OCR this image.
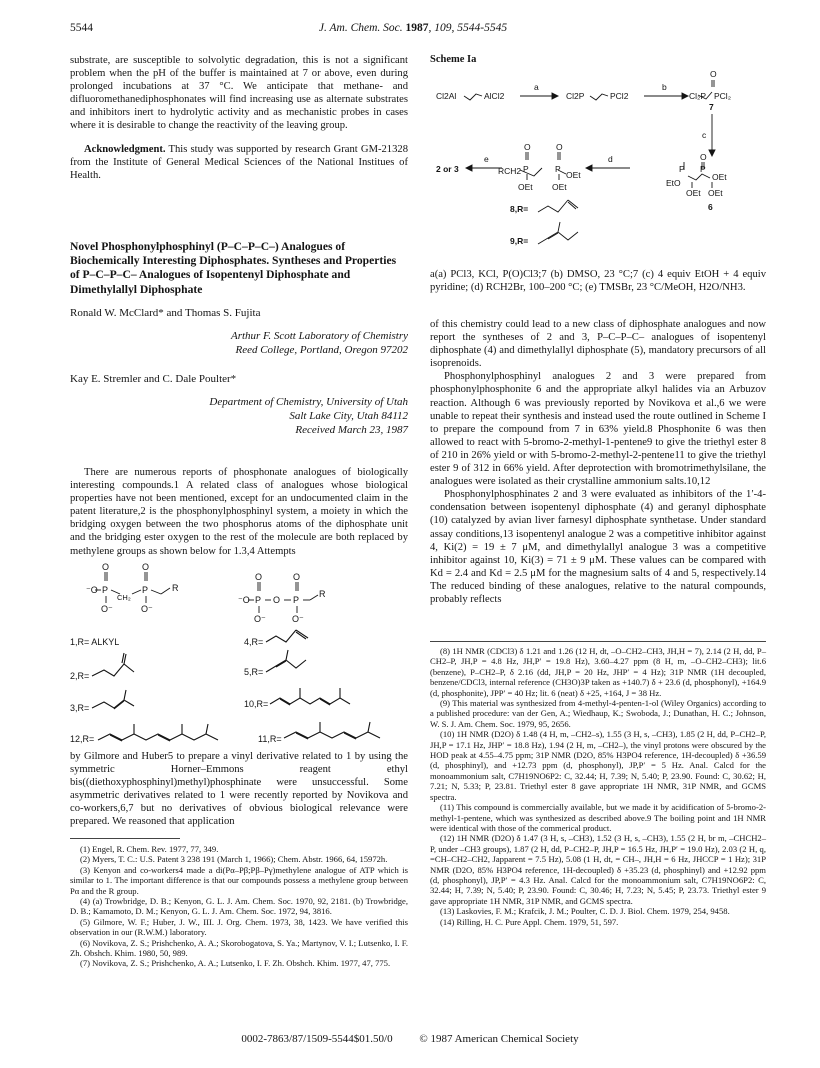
5544	J. Am. Chem. Soc. 1987, 109, 5544-5545

substrate, are susceptible to solvolytic degradation, this is not a significant problem when the pH of the buffer is maintained at 7 or above, even during prolonged incubations at 37 °C. We anticipate that methane- and difluoromethanediphosphonates will find increasing use as alternate substrates and inhibitors inert to hydrolytic activity and as mechanistic probes in cases where it is desirable to change the reactivity of the leaving group.

Acknowledgment. This study was supported by research Grant GM-21328 from the Institute of General Medical Sciences of the National Institues of Health.

Novel Phosphonylphosphinyl (P–C–P–C–) Analogues of Biochemically Interesting Diphosphates. Syntheses and Properties of P–C–P–C– Analogues of Isopentenyl Diphosphate and Dimethylallyl Diphosphate
Ronald W. McClard* and Thomas S. Fujita
Arthur F. Scott Laboratory of Chemistry
Reed College, Portland, Oregon 97202
Kay E. Stremler and C. Dale Poulter*
Department of Chemistry, University of Utah
Salt Lake City, Utah 84112
Received March 23, 1987

There are numerous reports of phosphonate analogues of biologically interesting compounds.1 A related class of analogues whose biological properties have not been mentioned, except for an undocumented claim in the patent literature,2 is the phosphonylphosphinyl system, a moiety in which the bridging oxygen between the two phosphorus atoms of the diphosphate unit and the bridging ester oxygen to the rest of the molecule are both replaced by methylene groups as shown below for 1.3,4 Attempts

O	O
⁻O P
CH₂
P	R
O⁻	O⁻
O	O
⁻O P O P
R
O⁻	O⁻
1,R= ALKYL	4,R=
2,R=	5,R=
3,R=	10,R=
12,R=	11,R=

by Gilmore and Huber5 to prepare a vinyl derivative related to 1 by using the symmetric Horner–Emmons reagent ethyl bis((diethoxyphosphinyl)methyl)phosphinate were unsuccessful. Some asymmetric derivatives related to 1 were recently reported by Novikova and co-workers,6,7 but no derivatives of obvious biological relevance were prepared. We reasoned that application

(1) Engel, R. Chem. Rev. 1977, 77, 349.
(2) Myers, T. C.: U.S. Patent 3 238 191 (March 1, 1966); Chem. Abstr. 1966, 64, 15972h.
(3) Kenyon and co-workers4 made a di(Pα–Pβ;Pβ–Pγ)methylene analogue of ATP which is similar to 1. The important difference is that our compounds possess a methylene group between Pα and the R group.
(4) (a) Trowbridge, D. B.; Kenyon, G. L. J. Am. Chem. Soc. 1970, 92, 2181. (b) Trowbridge, D. B.; Kamamoto, D. M.; Kenyon, G. L. J. Am. Chem. Soc. 1972, 94, 3816.
(5) Gilmore, W. F.; Huber, J. W., III. J. Org. Chem. 1973, 38, 1423. We have verified this observation in our (R.W.M.) laboratory.
(6) Novikova, Z. S.; Prishchenko, A. A.; Skorobogatova, S. Ya.; Martynov, V. I.; Lutsenko, I. F. Zh. Obshch. Khim. 1980, 50, 989.
(7) Novikova, Z. S.; Prishchenko, A. A.; Lutsenko, I. F. Zh. Obshch. Khim. 1977, 47, 775.
Scheme Ia
Cl2Al	AlCl2
a
Cl2P	PCl2
b
O
Cl₂P PCl₂
7
c
2 or 3
e
O	O
RCH2 P	P
OEt
OEt OEt
d	O
P P
EtO
OEt
OEt OEt
6
8,R=
9,R=
a(a) PCl3, KCl, P(O)Cl3;7 (b) DMSO, 23 °C;7 (c) 4 equiv EtOH + 4 equiv pyridine; (d) RCH2Br, 100–200 °C; (e) TMSBr, 23 °C/MeOH, H2O/NH3.

of this chemistry could lead to a new class of diphosphate analogues and now report the syntheses of 2 and 3, P–C–P–C– analogues of isopentenyl diphosphate (4) and dimethylallyl diphosphate (5), mandatory precursors of all isoprenoids.

Phosphonylphosphinyl analogues 2 and 3 were prepared from phosphonylphosphonite 6 and the appropriate alkyl halides via an Arbuzov reaction. Although 6 was previously reported by Novikova et al.,6 we were unable to repeat their synthesis and instead used the route outlined in Scheme I to prepare the compound from 7 in 63% yield.8 Phosphonite 6 was then allowed to react with 5-bromo-2-methyl-1-pentene9 to give the triethyl ester 8 of 210 in 26% yield or with 5-bromo-2-methyl-2-pentene11 to give the triethyl ester 9 of 312 in 66% yield. After deprotection with bromotrimethylsilane, the analogues were isolated as their crystalline ammonium salts.10,12

Phosphonylphosphinates 2 and 3 were evaluated as inhibitors of the 1′-4-condensation between isopentenyl diphosphate (4) and geranyl diphosphate (10) catalyzed by avian liver farnesyl diphosphate synthetase. Under standard assay conditions,13 isopentenyl analogue 2 was a competitive inhibitor against 4, Ki(2) = 19 ± 7 μM, and dimethylallyl analogue 3 was a competitive inhibitor against 10, Ki(3) = 71 ± 9 μM. These values can be compared with Kd = 2.4 and Kd = 2.5 μM for the magnesium salts of 4 and 5, respectively.14 The reduced binding of these analogues, relative to the natural compounds, probably reflects

(8) 1H NMR (CDCl3) δ 1.21 and 1.26 (12 H, dt, –O–CH2–CH3, JH,H = 7), 2.14 (2 H, dd, P–CH2–P, JH,P = 4.8 Hz, JH,P′ = 19.8 Hz), 3.60–4.27 ppm (8 H, m, –O–CH2–CH3); lit.6 (benzene), P–CH2–P, δ 2.16 (dd, JH,P = 20 Hz, JHP′ = 4 Hz); 31P NMR (1H decoupled, benzene/CDCl3, internal reference (CH3O)3P taken as +140.7) δ + 23.6 (d, phosphonyl), +164.9 (d, phosphonite), JPP′ = 40 Hz; lit. 6 (neat) δ +25, +164, J = 38 Hz.
(9) This material was synthesized from 4-methyl-4-penten-1-ol (Wiley Organics) according to a published procedure: van der Gen, A.; Wiedhaup, K.; Swoboda, J.; Dunathan, H. C.; Johnson, W. S. J. Am. Chem. Soc. 1979, 95, 2656.
(10) 1H NMR (D2O) δ 1.48 (4 H, m, –CH2–s), 1.55 (3 H, s, –CH3), 1.85 (2 H, dd, P–CH2–P, JH,P = 17.1 Hz, JHP′ = 18.8 Hz), 1.94 (2 H, m, –CH2–), the vinyl protons were obscured by the HOD peak at 4.55–4.75 ppm; 31P NMR (D2O, 85% H3PO4 reference, 1H-decoupled) δ +36.59 (d, phosphinyl), and +12.73 ppm (d, phosphonyl), JP,P′ = 5 Hz. Anal. Calcd for the monoammonium salt, C7H19NO6P2: C, 32.44; H, 7.39; N, 5.40; P, 23.90. Found: C, 30.62; H, 7.21; N, 5.33; P, 23.81. Triethyl ester 8 gave appropriate 1H NMR, 31P NMR, and GCMS spectra.
(11) This compound is commercially available, but we made it by acidification of 5-bromo-2-methyl-1-pentene, which was synthesized as described above.9 The boiling point and 1H NMR were identical with those of the commerical product.
(12) 1H NMR (D2O) δ 1.47 (3 H, s, –CH3), 1.52 (3 H, s, –CH3), 1.55 (2 H, br m, –CHCH2–P, under –CH3 groups), 1.87 (2 H, dd, P–CH2–P, JH,P = 16.5 Hz, JH,P′ = 19.0 Hz), 2.03 (2 H, q, =CH–CH2–CH2, Japparent = 7.5 Hz), 5.08 (1 H, dt, = CH–, JH,H = 6 Hz, JHCCP = 1 Hz); 31P NMR (D2O, 85% H3PO4 reference, 1H-decoupled) δ +35.23 (d, phosphinyl) and +12.92 ppm (d, phosphonyl), JP,P′ = 4.3 Hz. Anal. Calcd for the monoammonium salt, C7H19NO6P2: C, 32.44; H, 7.39; N, 5.40; P, 23.90. Found: C, 30.46; H, 7.23; N, 5.45; P, 23.73. Triethyl ester 9 gave appropriate 1H NMR, 31P NMR, and GCMS spectra.
(13) Laskovies, F. M.; Krafcik, J. M.; Poulter, C. D. J. Biol. Chem. 1979, 254, 9458.
(14) Rilling, H. C. Pure Appl. Chem. 1979, 51, 597.
0002-7863/87/1509-5544$01.50/0 © 1987 American Chemical Society
